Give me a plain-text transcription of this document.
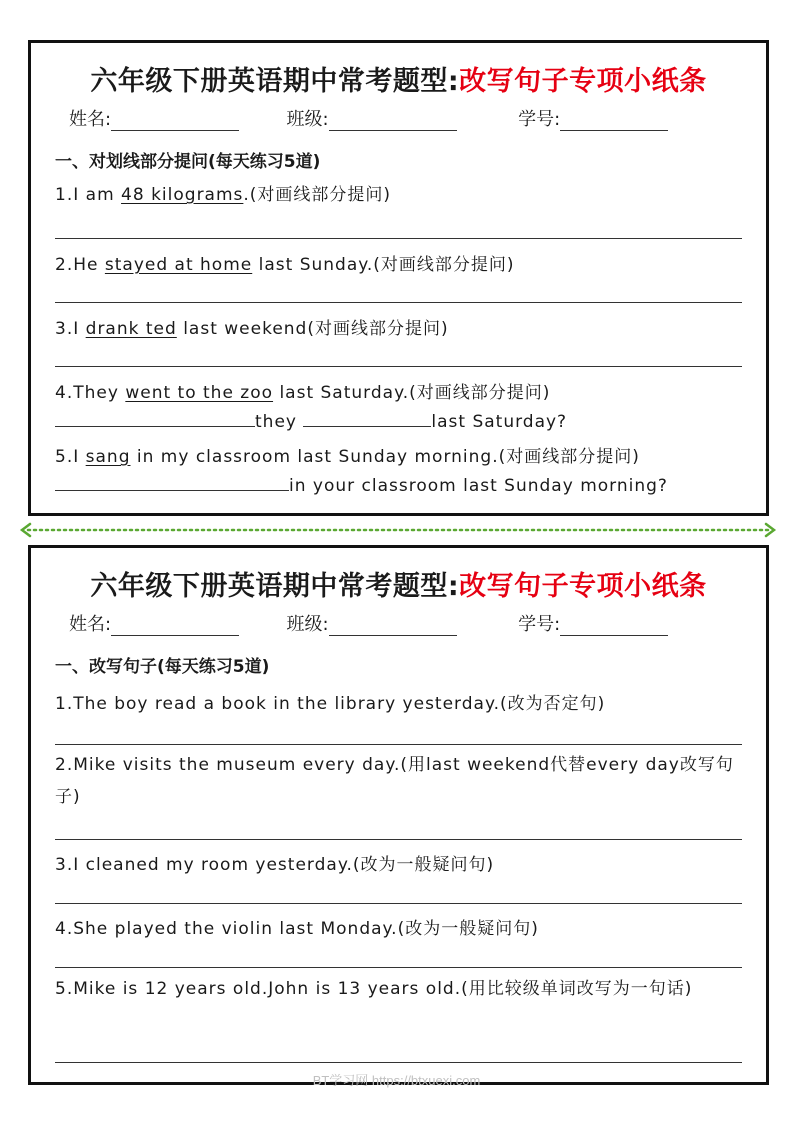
六年级下册英语期中常考题型:改写句子专项小纸条
姓名:	班级:	学号:
一、对划线部分提问(每天练习5道)
1.I am 48 kilograms.(对画线部分提问)
2.He stayed at home last Sunday.(对画线部分提问)
3.I drank ted last weekend(对画线部分提问)
4.They went to the zoo last Saturday.(对画线部分提问)
they	last Saturday?
5.I sang in my classroom last Sunday morning.(对画线部分提问)
in your classroom last Sunday morning?
六年级下册英语期中常考题型:改写句子专项小纸条
姓名:	班级:	学号:
一、改写句子(每天练习5道)
1.The boy read a book in the library yesterday.(改为否定句)
2.Mike visits the museum every day.(用last weekend代替every day改写句子)
3.I cleaned my room yesterday.(改为一般疑问句)
4.She played the violin last Monday.(改为一般疑问句)
5.Mike is 12 years old.John is 13 years old.(用比较级单词改写为一句话)
BT学习网 https://btxuexi.com
